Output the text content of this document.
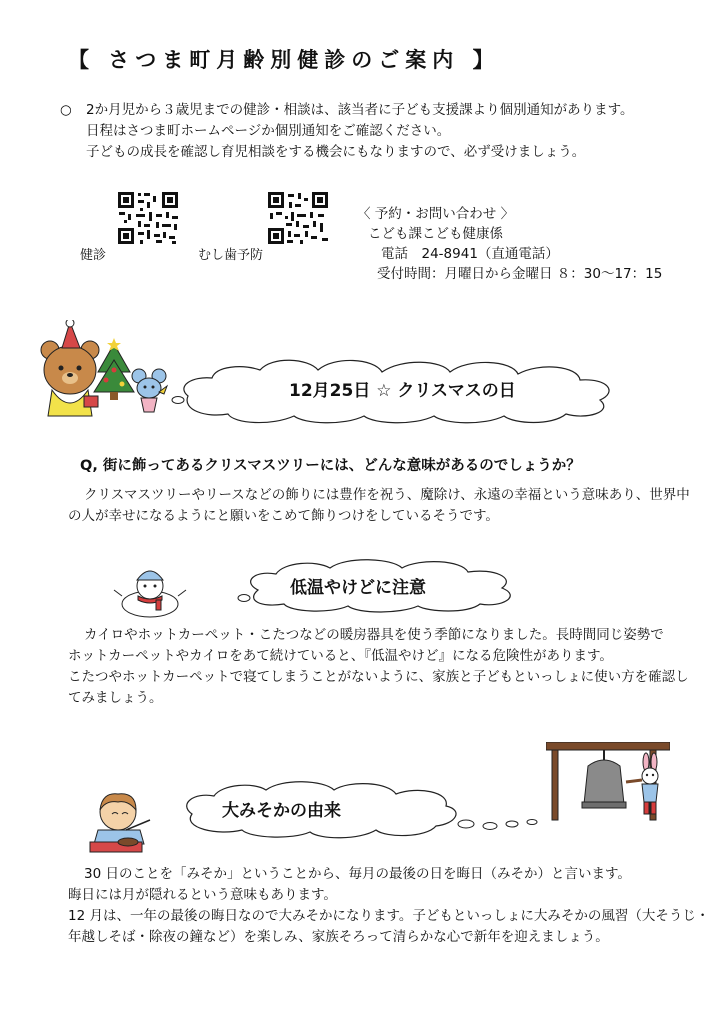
【 さつま町月齢別健診のご案内 】
○	2か月児から３歳児までの健診・相談は、該当者に子ども支援課より個別通知があります。
日程はさつま町ホームページか個別通知をご確認ください。
子どもの成長を確認し育児相談をする機会にもなりますので、必ず受けましょう。
健診	むし歯予防
〈 予約・お問い合わせ 〉
こども課こども健康係
電話　24-8941（直通電話）
受付時間：月曜日から金曜日 ８：30～17：15
12月25日 ☆ クリスマスの日
Q, 街に飾ってあるクリスマスツリーには、どんな意味があるのでしょうか？
クリスマスツリーやリースなどの飾りには豊作を祝う、魔除け、永遠の幸福という意味あり、世界中
の人が幸せになるようにと願いをこめて飾りつけをしているそうです。
低温やけどに注意
カイロやホットカーペット・こたつなどの暖房器具を使う季節になりました。長時間同じ姿勢で
ホットカーペットやカイロをあて続けていると、『低温やけど』になる危険性があります。
こたつやホットカーペットで寝てしまうことがないように、家族と子どもといっしょに使い方を確認し
てみましょう。
大みそかの由来
30 日のことを「みそか」ということから、毎月の最後の日を晦日（みそか）と言います。
晦日には月が隠れるという意味もあります。
12 月は、一年の最後の晦日なので大みそかになります。子どもといっしょに大みそかの風習（大そうじ・
年越しそば・除夜の鐘など）を楽しみ、家族そろって清らかな心で新年を迎えましょう。
